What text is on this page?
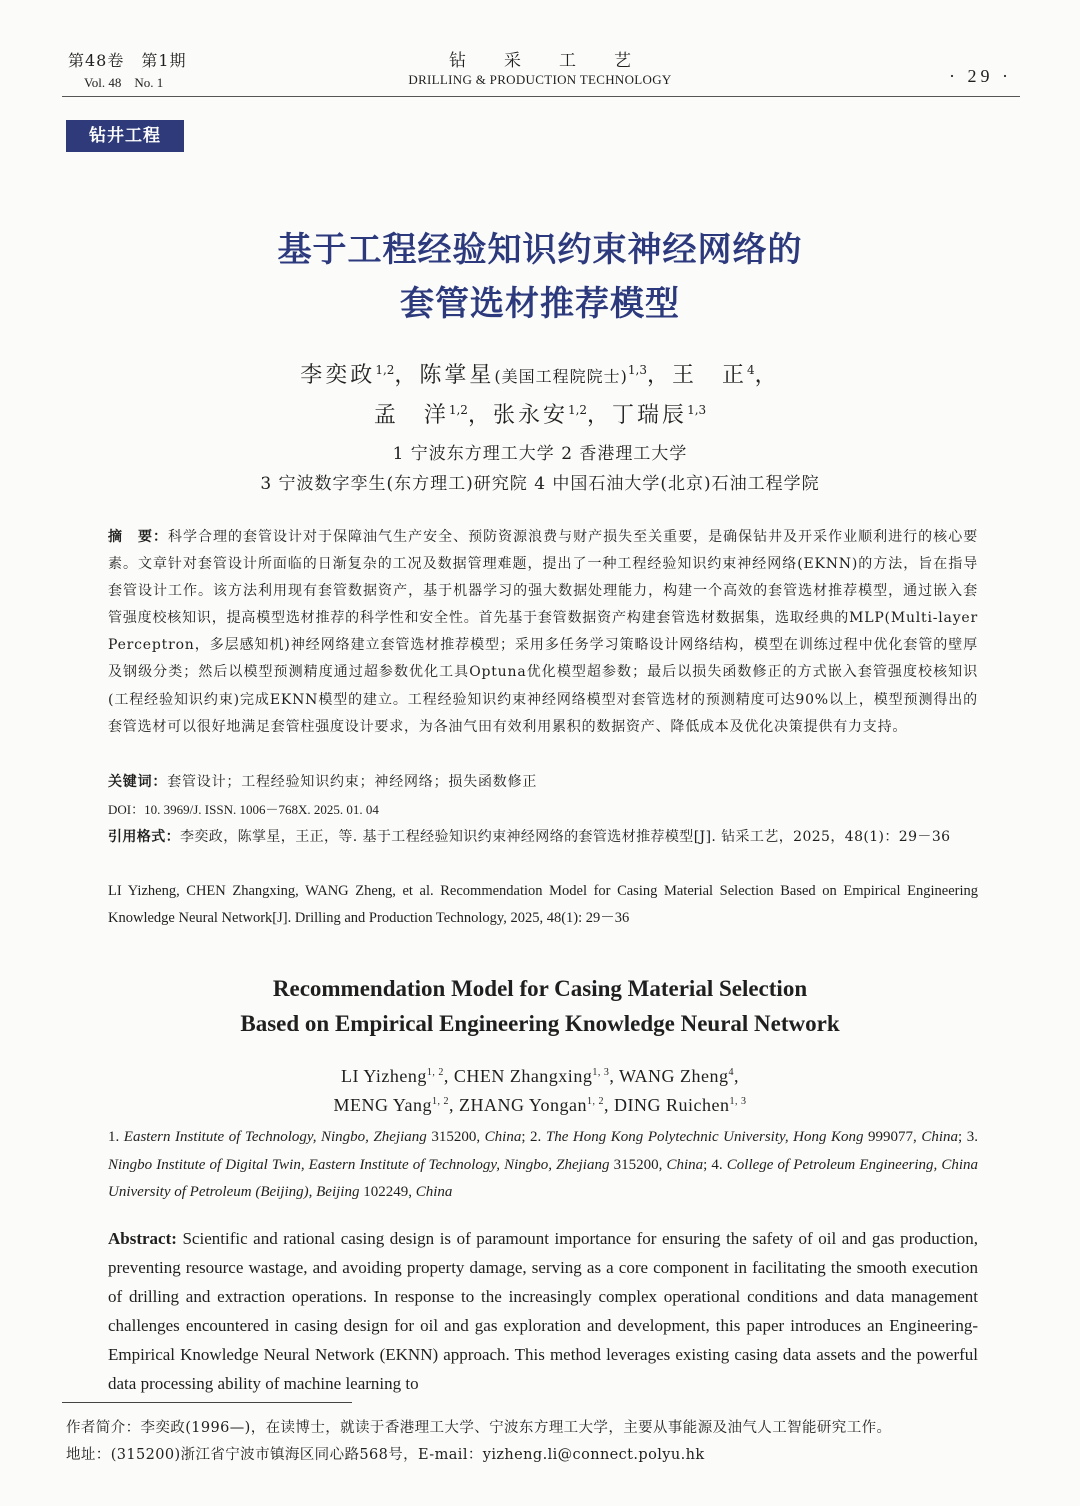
第48卷　第1期
Vol. 48　No. 1
钻采工艺
DRILLING & PRODUCTION TECHNOLOGY	· 29 ·
钻井工程
基于工程经验知识约束神经网络的
套管选材推荐模型
李奕政$^{1,2}$，陈掌星(美国工程院院士)$^{1,3}$，王　正$^4$，
孟　洋$^{1,2}$，张永安$^{1,2}$，丁瑞辰$^{1,3}$
1 宁波东方理工大学 2 香港理工大学
3 宁波数字孪生(东方理工)研究院 4 中国石油大学(北京)石油工程学院
摘　要：科学合理的套管设计对于保障油气生产安全、预防资源浪费与财产损失至关重要，是确保钻井及开采作业顺利进行的核心要素。文章针对套管设计所面临的日渐复杂的工况及数据管理难题，提出了一种工程经验知识约束神经网络(EKNN)的方法，旨在指导套管设计工作。该方法利用现有套管数据资产，基于机器学习的强大数据处理能力，构建一个高效的套管选材推荐模型，通过嵌入套管强度校核知识，提高模型选材推荐的科学性和安全性。首先基于套管数据资产构建套管选材数据集，选取经典的MLP(Multi-layer Perceptron，多层感知机)神经网络建立套管选材推荐模型；采用多任务学习策略设计网络结构，模型在训练过程中优化套管的壁厚及钢级分类；然后以模型预测精度通过超参数优化工具Optuna优化模型超参数；最后以损失函数修正的方式嵌入套管强度校核知识(工程经验知识约束)完成EKNN模型的建立。工程经验知识约束神经网络模型对套管选材的预测精度可达90%以上，模型预测得出的套管选材可以很好地满足套管柱强度设计要求，为各油气田有效利用累积的数据资产、降低成本及优化决策提供有力支持。
关键词：套管设计；工程经验知识约束；神经网络；损失函数修正
DOI：10. 3969/J. ISSN. 1006－768X. 2025. 01. 04
引用格式：李奕政，陈掌星，王正，等. 基于工程经验知识约束神经网络的套管选材推荐模型[J]. 钻采工艺，2025，48(1)：29－36
LI Yizheng, CHEN Zhangxing, WANG Zheng, et al. Recommendation Model for Casing Material Selection Based on Empirical Engineering Knowledge Neural Network[J]. Drilling and Production Technology, 2025, 48(1): 29－36
Recommendation Model for Casing Material Selection
Based on Empirical Engineering Knowledge Neural Network
LI Yizheng$^{1, 2}$, CHEN Zhangxing$^{1, 3}$, WANG Zheng$^4$,
MENG Yang$^{1, 2}$, ZHANG Yongan$^{1, 2}$, DING Ruichen$^{1, 3}$
1. Eastern Institute of Technology, Ningbo, Zhejiang 315200, China; 2. The Hong Kong Polytechnic University, Hong Kong 999077, China; 3. Ningbo Institute of Digital Twin, Eastern Institute of Technology, Ningbo, Zhejiang 315200, China; 4. College of Petroleum Engineering, China University of Petroleum (Beijing), Beijing 102249, China
Abstract: Scientific and rational casing design is of paramount importance for ensuring the safety of oil and gas production, preventing resource wastage, and avoiding property damage, serving as a core component in facilitating the smooth execution of drilling and extraction operations. In response to the increasingly complex operational conditions and data management challenges encountered in casing design for oil and gas exploration and development, this paper introduces an Engineering-Empirical Knowledge Neural Network (EKNN) approach. This method leverages existing casing data assets and the powerful data processing ability of machine learning to
作者简介：李奕政(1996—)，在读博士，就读于香港理工大学、宁波东方理工大学，主要从事能源及油气人工智能研究工作。
地址：(315200)浙江省宁波市镇海区同心路568号，E-mail：yizheng.li@connect.polyu.hk
